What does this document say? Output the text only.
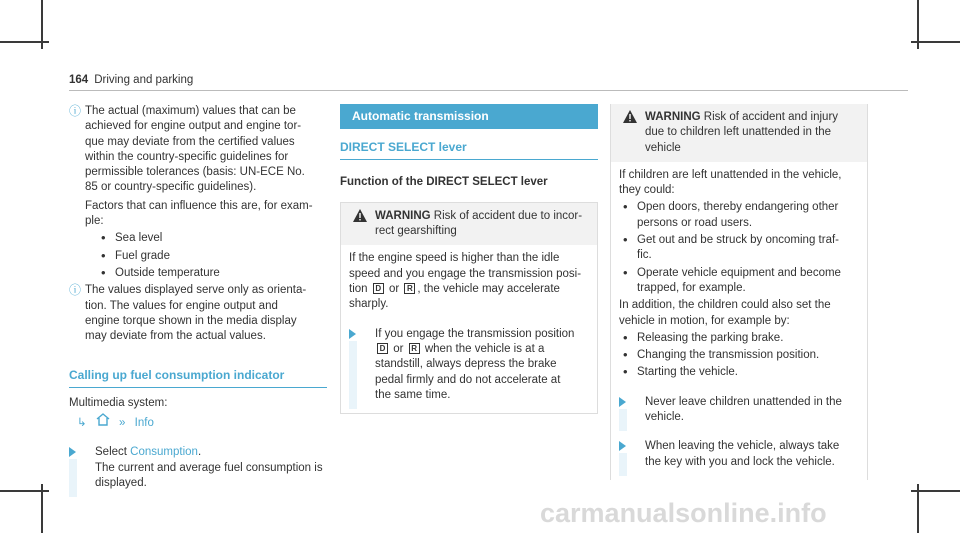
164 Driving and parking
ⓘ The actual (maximum) values that can be
achieved for engine output and engine tor-
que may deviate from the certified values
within the country-specific guidelines for
permissible tolerances (basis: UN-ECE No.
85 or country-specific guidelines).
Factors that can influence this are, for exam-
ple:
• Sea level
• Fuel grade
• Outside temperature
ⓘ The values displayed serve only as orienta-
tion. The values for engine output and
engine torque shown in the media display
may deviate from the actual values.
Calling up fuel consumption indicator
Multimedia system:
↳	» Info
Select Consumption.
The current and average fuel consumption is
displayed.
Automatic transmission
DIRECT SELECT lever
Function of the DIRECT SELECT lever
WARNING Risk of accident due to incor-
rect gearshifting
If the engine speed is higher than the idle
speed and you engage the transmission posi-
tion D or R , the vehicle may accelerate
sharply.
If you engage the transmission position
D or R when the vehicle is at a
standstill, always depress the brake
pedal firmly and do not accelerate at
the same time.
WARNING Risk of accident and injury
due to children left unattended in the
vehicle
If children are left unattended in the vehicle,
they could:
• Open doors, thereby endangering other
persons or road users.
• Get out and be struck by oncoming traf-
fic.
• Operate vehicle equipment and become
trapped, for example.
In addition, the children could also set the
vehicle in motion, for example by:
• Releasing the parking brake.
• Changing the transmission position.
• Starting the vehicle.
Never leave children unattended in the
vehicle.
When leaving the vehicle, always take
the key with you and lock the vehicle.
carmanualsonline.info
